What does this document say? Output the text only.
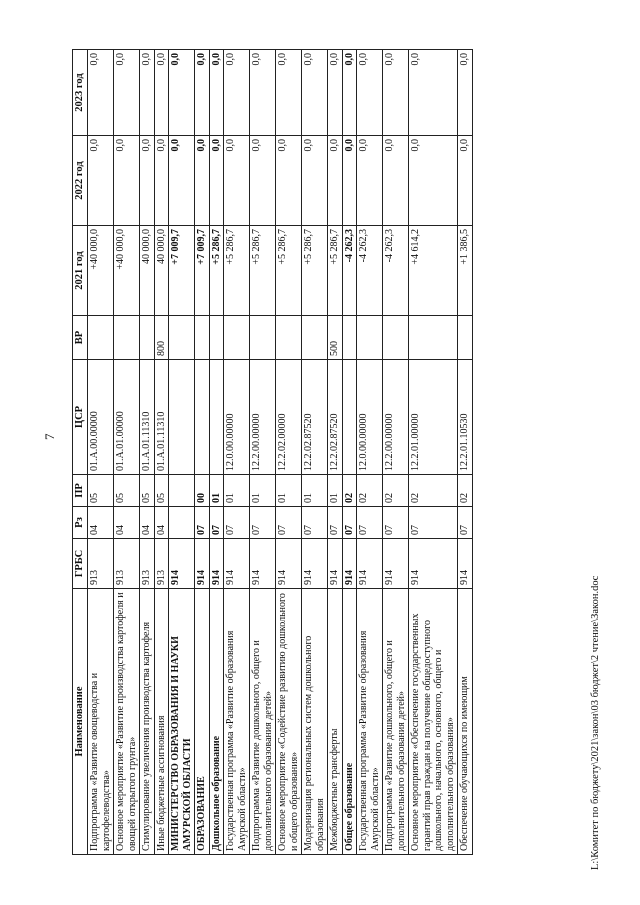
7
Наименование	ГРБС	Рз	ПР	ЦСР	ВР	2021 год	2022 год	2023 год
Подпрограмма «Развитие овощеводства и картофелеводства»	913	04	05	01.А.00.00000		+40 000,0	0,0	0,0
Основное мероприятие «Развитие производства картофеля и овощей открытого грунта»	913	04	05	01.А.01.00000		+40 000,0	0,0	0,0
Стимулирование увеличения производства картофеля	913	04	05	01.А.01.11310		40 000,0	0,0	0,0
Иные бюджетные ассигнования	913	04	05	01.А.01.11310	800	40 000,0	0,0	0,0
МИНИСТЕРСТВО ОБРАЗОВАНИЯ И НАУКИ АМУРСКОЙ ОБЛАСТИ	914					+7 009,7	0,0	0,0
ОБРАЗОВАНИЕ	914	07	00			+7 009,7	0,0	0,0
Дошкольное образование	914	07	01			+5 286,7	0,0	0,0
Государственная программа «Развитие образования Амурской области»	914	07	01	12.0.00.00000		+5 286,7	0,0	0,0
Подпрограмма «Развитие дошкольного, общего и дополнительного образования детей»	914	07	01	12.2.00.00000		+5 286,7	0,0	0,0
Основное мероприятие «Содействие развитию дошкольного и общего образования»	914	07	01	12.2.02.00000		+5 286,7	0,0	0,0
Модернизация региональных систем дошкольного образования	914	07	01	12.2.02.87520		+5 286,7	0,0	0,0
Межбюджетные трансферты	914	07	01	12.2.02.87520	500	+5 286,7	0,0	0,0
Общее образование	914	07	02			-4 262,3	0,0	0,0
Государственная программа «Развитие образования Амурской области»	914	07	02	12.0.00.00000		-4 262,3	0,0	0,0
Подпрограмма «Развитие дошкольного, общего и дополнительного образования детей»	914	07	02	12.2.00.00000		-4 262,3	0,0	0,0
Основное мероприятие «Обеспечение государственных гарантий прав граждан на получение общедоступного дошкольного, начального, основного, общего и дополнительного образования»	914	07	02	12.2.01.00000		+4 614,2	0,0	0,0
Обеспечение обучающихся по имеющим	914	07	02	12.2.01.10530		+1 386,5	0,0	0,0
L:\Комитет по бюджету\2021\закон\03 бюджет\2 чтение\Закон.doc
